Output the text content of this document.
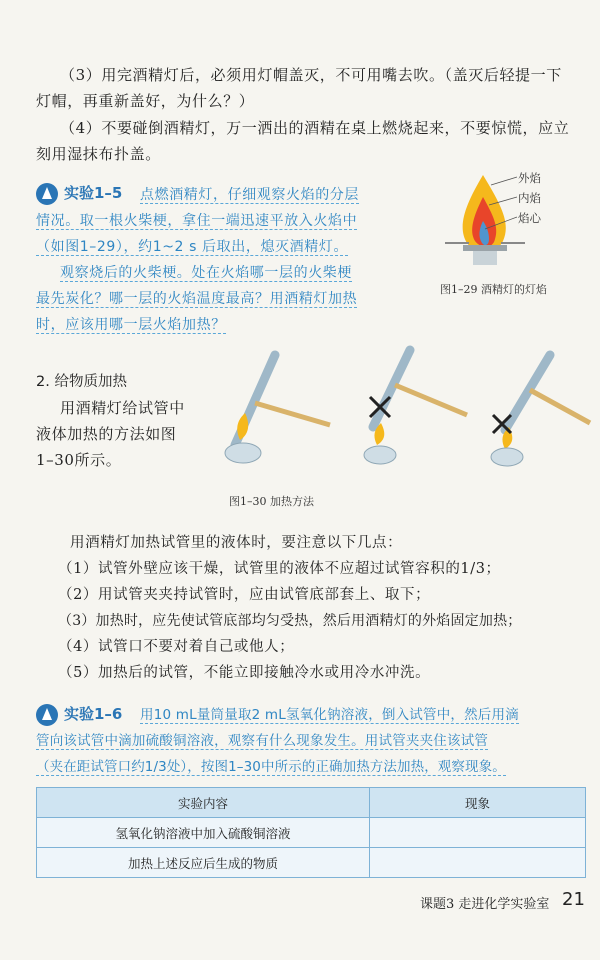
（3）用完酒精灯后，必须用灯帽盖灭，不可用嘴去吹。（盖灭后轻提一下
灯帽，再重新盖好，为什么？）
（4）不要碰倒酒精灯，万一洒出的酒精在桌上燃烧起来，不要惊慌，应立
刻用湿抹布扑盖。
实验1–5 点燃酒精灯，仔细观察火焰的分层
情况。取一根火柴梗，拿住一端迅速平放入火焰中
（如图1–29），约1~2 s 后取出，熄灭酒精灯。
观察烧后的火柴梗。处在火焰哪一层的火柴梗
最先炭化？哪一层的火焰温度最高？用酒精灯加热
时，应该用哪一层火焰加热？
外焰
内焰
焰心
图1–29 酒精灯的灯焰
2. 给物质加热
用酒精灯给试管中
液体加热的方法如图
1–30所示。
图1–30 加热方法
用酒精灯加热试管里的液体时，要注意以下几点：
（1）试管外壁应该干燥，试管里的液体不应超过试管容积的1/3；
（2）用试管夹夹持试管时，应由试管底部套上、取下；
（3）加热时，应先使试管底部均匀受热，然后用酒精灯的外焰固定加热；
（4）试管口不要对着自己或他人；
（5）加热后的试管，不能立即接触冷水或用冷水冲洗。
实验1–6 用10 mL量筒量取2 mL氢氧化钠溶液，倒入试管中，然后用滴
管向该试管中滴加硫酸铜溶液，观察有什么现象发生。用试管夹夹住该试管
（夹在距试管口约1/3处），按图1–30中所示的正确加热方法加热，观察现象。
实验内容	现象
氢氧化钠溶液中加入硫酸铜溶液	
加热上述反应后生成的物质	
课题3 走进化学实验室 21
